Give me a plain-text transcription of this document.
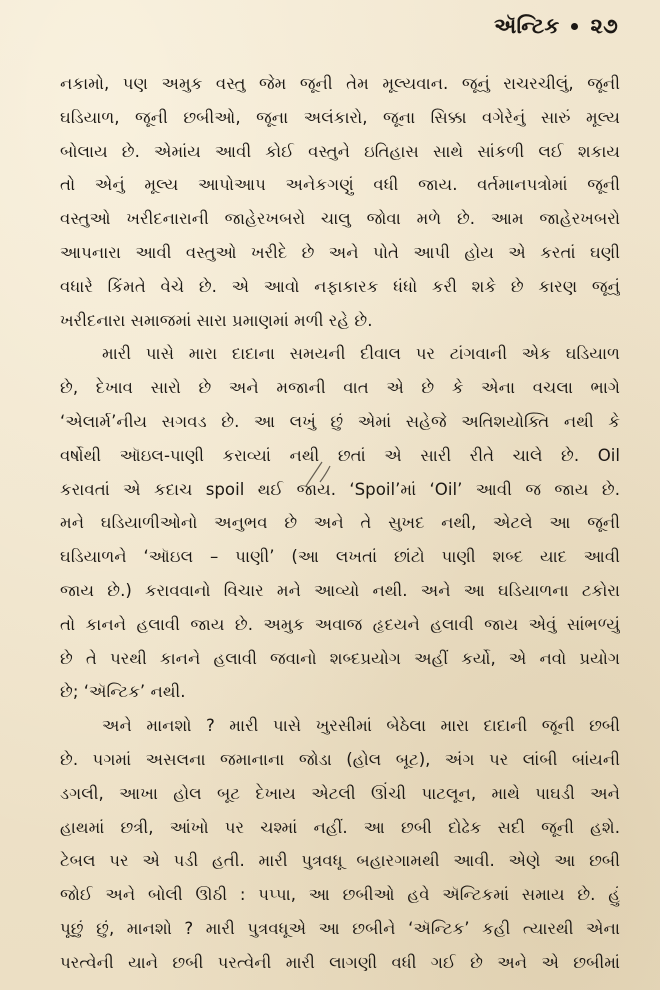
ઍન્ટિક ૨૭
નકામો, પણ અમુક વસ્તુ જેમ જૂની તેમ મૂલ્યવાન. જૂનું રાચરચીલું, જૂની
ઘડિયાળ, જૂની છબીઓ, જૂના અલંકારો, જૂના સિક્કા વગેરેનું સારું મૂલ્ય
બોલાય છે. એમાંય આવી કોઈ વસ્તુને ઇતિહાસ સાથે સાંકળી લઈ શકાય
તો એનું મૂલ્ય આપોઆપ અનેકગણું વધી જાય. વર્તમાનપત્રોમાં જૂની
વસ્તુઓ ખરીદનારાની જાહેરખબરો ચાલુ જોવા મળે છે. આમ જાહેરખબરો
આપનારા આવી વસ્તુઓ ખરીદે છે અને પોતે આપી હોય એ કરતાં ઘણી
વધારે કિંમતે વેચે છે. એ આવો નફાકારક ધંધો કરી શકે છે કારણ જૂનું
ખરીદનારા સમાજમાં સારા પ્રમાણમાં મળી રહે છે.
મારી પાસે મારા દાદાના સમયની દીવાલ પર ટાંગવાની એક ઘડિયાળ
છે, દેખાવ સારો છે અને મજાની વાત એ છે કે એના વચલા ભાગે
‘એલાર્મ’નીય સગવડ છે. આ લખું છું એમાં સહેજે અતિશયોક્તિ નથી કે
વર્ષોથી ઑઇલ-પાણી કરાવ્યાં નથી છતાં એ સારી રીતે ચાલે છે. Oil
કરાવતાં એ કદાચ spoil થઈ જાય. ‘Spoil’માં ‘Oil’ આવી જ જાય છે.
મને ઘડિયાળીઓનો અનુભવ છે અને તે સુખદ નથી, એટલે આ જૂની
ઘડિયાળને ‘ઑઇલ – પાણી’ (આ લખતાં છાંટો પાણી શબ્દ યાદ આવી
જાય છે.) કરાવવાનો વિચાર મને આવ્યો નથી. અને આ ઘડિયાળના ટકોરા
તો કાનને હલાવી જાય છે. અમુક અવાજ હૃદયને હલાવી જાય એવું સાંભળ્યું
છે તે પરથી કાનને હલાવી જવાનો શબ્દપ્રયોગ અહીં કર્યો, એ નવો પ્રયોગ
છે; ‘ઍન્ટિક’ નથી.
અને માનશો ? મારી પાસે ખુરસીમાં બેઠેલા મારા દાદાની જૂની છબી
છે. પગમાં અસલના જમાનાના જોડા (હોલ બૂટ), અંગ પર લાંબી બાંયની
ડગલી, આખા હોલ બૂટ દેખાય એટલી ઊંચી પાટલૂન, માથે પાઘડી અને
હાથમાં છત્રી, આંખો પર ચશ્માં નહીં. આ છબી દોઢેક સદી જૂની હશે.
ટેબલ પર એ પડી હતી. મારી પુત્રવધૂ બહારગામથી આવી. એણે આ છબી
જોઈ અને બોલી ઊઠી : પપ્પા, આ છબીઓ હવે ઍન્ટિકમાં સમાય છે. હું
પૂછું છું, માનશો ? મારી પુત્રવધૂએ આ છબીને ‘ઍન્ટિક’ કહી ત્યારથી એના
પરત્વેની યાને છબી પરત્વેની મારી લાગણી વધી ગઈ છે અને એ છબીમાં
